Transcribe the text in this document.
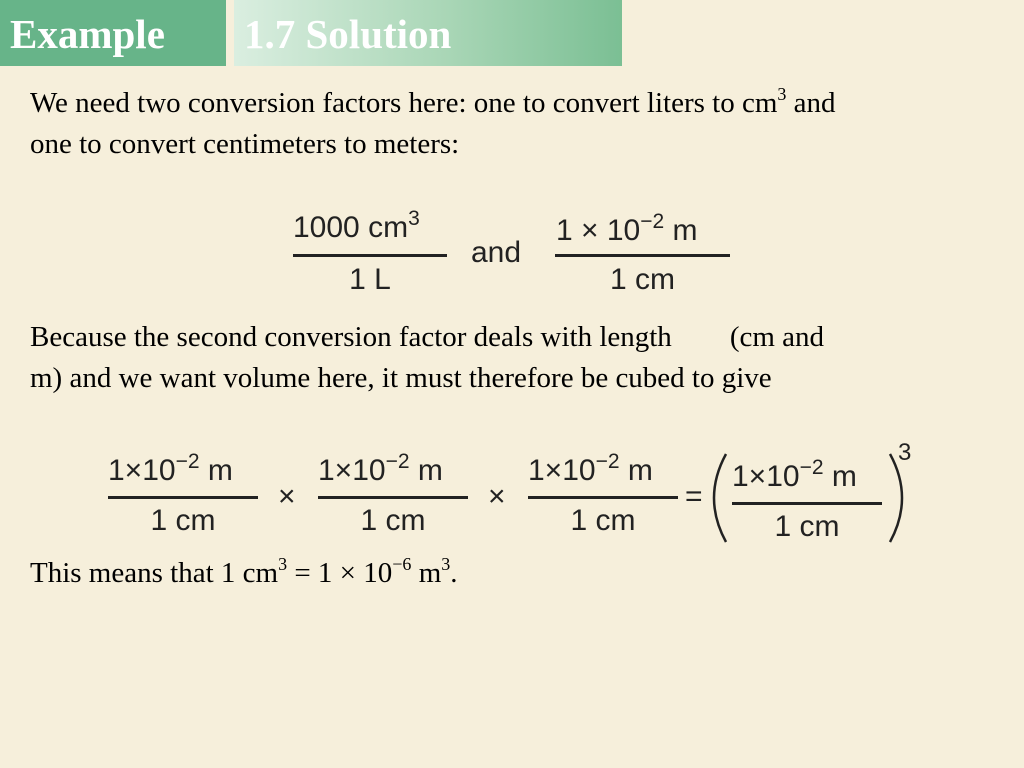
Example 1.7 Solution

We need two conversion factors here: one to convert liters to $cm^3$ and
one to convert centimeters to meters:

1000 $cm^3$
1 L
and
$1 \times 10^{-2}$ m
1 cm

Because the second conversion factor deals with length (cm and
m) and we want volume here, it must therefore be cubed to give

$1\times 10^{-2}$ m
1 cm
×
$1\times 10^{-2}$ m
1 cm
×
$1\times 10^{-2}$ m
1 cm
=
$1\times 10^{-2}$ m
1 cm
3

This means that 1 $cm^3 = 1 \times 10^{-6}$ $m^3$.
